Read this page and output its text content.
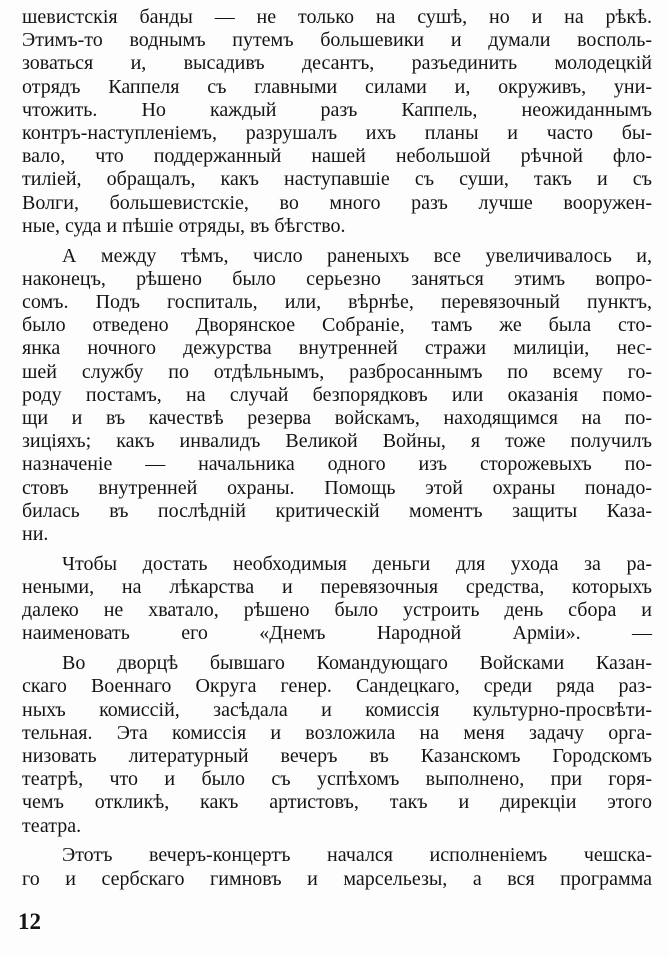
шевистскія банды — не только на сушѣ, но и на рѣкѣ.
Этимъ-то воднымъ путемъ большевики и думали восполь-
зоваться и, высадивъ десантъ, разъединить молодецкій
отрядъ Каппеля съ главными силами и, окруживъ, уни-
чтожить. Но каждый разъ Каппель, неожиданнымъ
контръ-наступленіемъ, разрушалъ ихъ планы и часто бы-
вало, что поддержанный нашей небольшой рѣчной фло-
тиліей, обращалъ, какъ наступавшіе съ суши, такъ и съ
Волги, большевистскіе, во много разъ лучше вооружен-
ные, суда и пѣшіе отряды, въ бѣгство.
А между тѣмъ, число раненыхъ все увеличивалось и,
наконецъ, рѣшено было серьезно заняться этимъ вопро-
сомъ. Подъ госпиталь, или, вѣрнѣе, перевязочный пунктъ,
было отведено Дворянское Собраніе, тамъ же была сто-
янка ночного дежурства внутренней стражи милиціи, нес-
шей службу по отдѣльнымъ, разбросаннымъ по всему го-
роду постамъ, на случай безпорядковъ или оказанія помо-
щи и въ качествѣ резерва войскамъ, находящимся на по-
зиціяхъ; какъ инвалидъ Великой Войны, я тоже получилъ
назначеніе — начальника одного изъ сторожевыхъ по-
стовъ внутренней охраны. Помощь этой охраны понадо-
билась въ послѣдній критическій моментъ защиты Каза-
ни.
Чтобы достать необходимыя деньги для ухода за ра-
неными, на лѣкарства и перевязочныя средства, которыхъ
далеко не хватало, рѣшено было устроить день сбора и
наименовать его «Днемъ Народной Арміи». —
Во дворцѣ бывшаго Командующаго Войсками Казан-
скаго Военнаго Округа генер. Сандецкаго, среди ряда раз-
ныхъ комиссій, засѣдала и комиссія культурно-просвѣти-
тельная. Эта комиссія и возложила на меня задачу орга-
низовать литературный вечеръ въ Казанскомъ Городскомъ
театрѣ, что и было съ успѣхомъ выполнено, при горя-
чемъ откликѣ, какъ артистовъ, такъ и дирекціи этого
театра.
Этотъ вечеръ-концертъ начался исполненіемъ чешска-
го и сербскаго гимновъ и марсельезы, а вся программа
12
